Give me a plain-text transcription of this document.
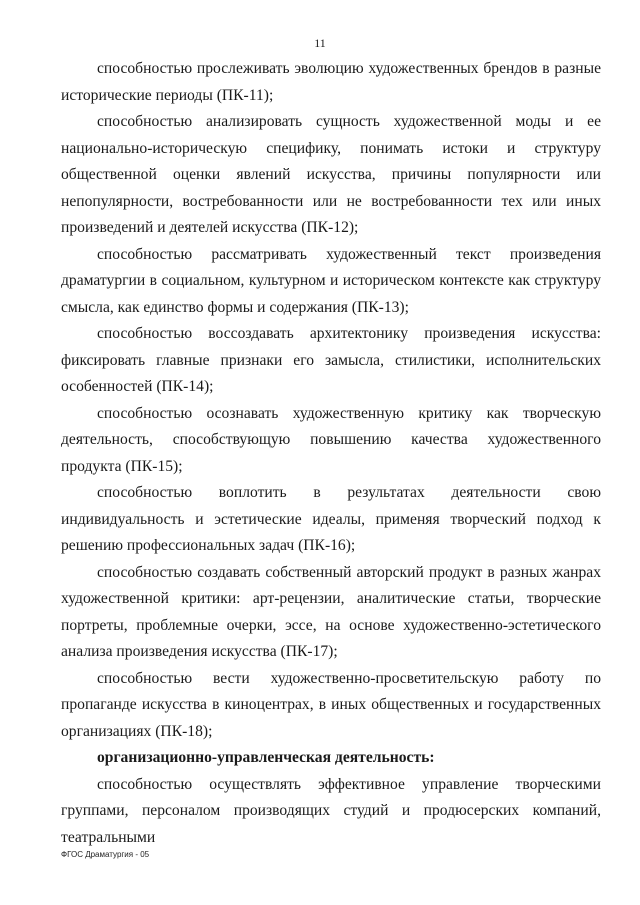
11

способностью прослеживать эволюцию художественных брендов в разные исторические периоды (ПК-11);

способностью анализировать сущность художественной моды и ее национально-историческую специфику, понимать истоки и структуру общественной оценки явлений искусства, причины популярности или непопулярности, востребованности или не востребованности тех или иных произведений и деятелей искусства (ПК-12);

способностью рассматривать художественный текст произведения драматургии в социальном, культурном и историческом контексте как структуру смысла, как единство формы и содержания (ПК-13);

способностью воссоздавать архитектонику произведения искусства: фиксировать главные признаки его замысла, стилистики, исполнительских особенностей (ПК-14);

способностью осознавать художественную критику как творческую деятельность, способствующую повышению качества художественного продукта (ПК-15);

способностью воплотить в результатах деятельности свою индивидуальность и эстетические идеалы, применяя творческий подход к решению профессиональных задач (ПК-16);

способностью создавать собственный авторский продукт в разных жанрах художественной критики: арт-рецензии, аналитические статьи, творческие портреты, проблемные очерки, эссе, на основе художественно-эстетического анализа произведения искусства (ПК-17);

способностью вести художественно-просветительскую работу по пропаганде искусства в киноцентрах, в иных общественных и государственных организациях (ПК-18);

организационно-управленческая деятельность:

способностью осуществлять эффективное управление творческими группами, персоналом производящих студий и продюсерских компаний, театральными

ФГОС Драматургия - 05
